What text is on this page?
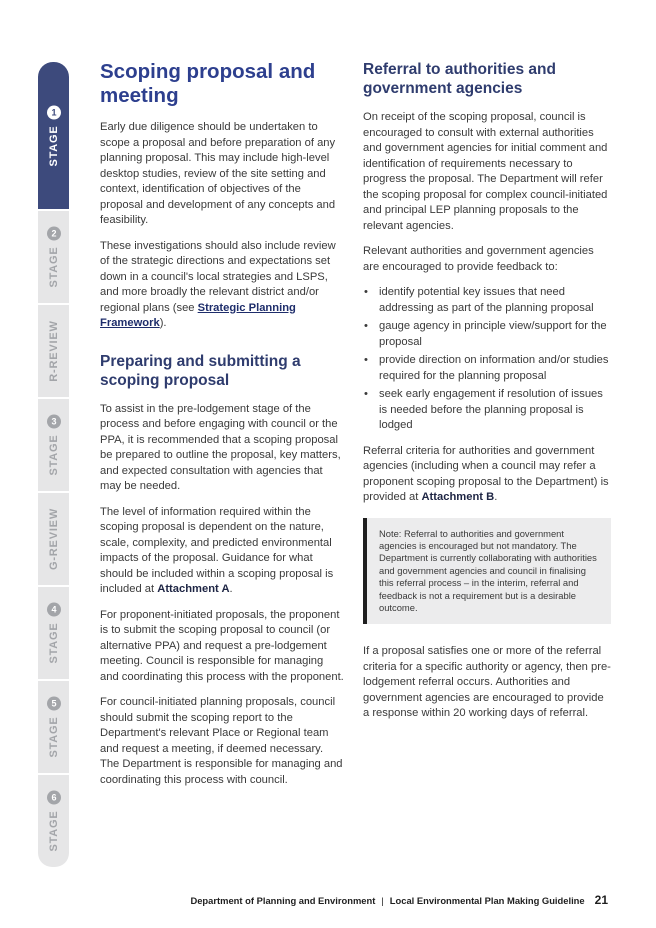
STAGE
1
STAGE
2
R-REVIEW
STAGE
3
G-REVIEW
STAGE
4
STAGE
5
STAGE
6
Scoping proposal and meeting

Early due diligence should be undertaken to scope a proposal and before preparation of any planning proposal. This may include high-level desktop studies, review of the site setting and context, identification of objectives of the proposal and development of any concepts and feasibility.

These investigations should also include review of the strategic directions and expectations set down in a council's local strategies and LSPS, and more broadly the relevant district and/or regional plans (see Strategic Planning Framework).

Preparing and submitting a scoping proposal

To assist in the pre-lodgement stage of the process and before engaging with council or the PPA, it is recommended that a scoping proposal be prepared to outline the proposal, key matters, and expected consultation with agencies that may be needed.

The level of information required within the scoping proposal is dependent on the nature, scale, complexity, and predicted environmental impacts of the proposal. Guidance for what should be included within a scoping proposal is included at Attachment A.

For proponent-initiated proposals, the proponent is to submit the scoping proposal to council (or alternative PPA) and request a pre-lodgement meeting. Council is responsible for managing and coordinating this process with the proponent.

For council-initiated planning proposals, council should submit the scoping report to the Department's relevant Place or Regional team and request a meeting, if deemed necessary. The Department is responsible for managing and coordinating this process with council.

Referral to authorities and government agencies

On receipt of the scoping proposal, council is encouraged to consult with external authorities and government agencies for initial comment and identification of requirements necessary to progress the proposal. The Department will refer the scoping proposal for complex council-initiated and principal LEP planning proposals to the relevant agencies.

Relevant authorities and government agencies are encouraged to provide feedback to:

• identify potential key issues that need addressing as part of the planning proposal
• gauge agency in principle view/support for the proposal
• provide direction on information and/or studies required for the planning proposal
• seek early engagement if resolution of issues is needed before the planning proposal is lodged

Referral criteria for authorities and government agencies (including when a council may refer a proponent scoping proposal to the Department) is provided at Attachment B.

Note: Referral to authorities and government agencies is encouraged but not mandatory. The Department is currently collaborating with authorities and government agencies and council in finalising this referral process – in the interim, referral and feedback is not a requirement but is a desirable outcome.

If a proposal satisfies one or more of the referral criteria for a specific authority or agency, then pre-lodgement referral occurs. Authorities and government agencies are encouraged to provide a response within 20 working days of referral.

Department of Planning and Environment | Local Environmental Plan Making Guideline 21
